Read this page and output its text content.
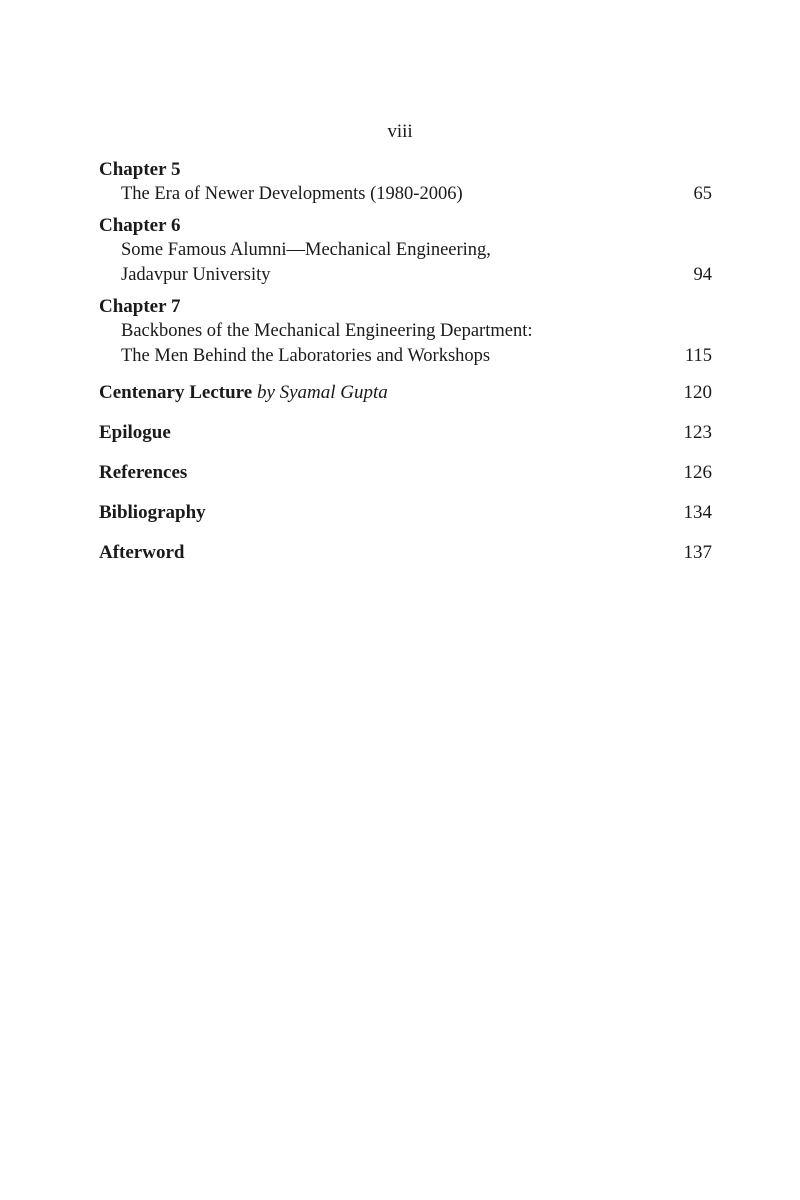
viii
Chapter 5
The Era of Newer Developments (1980-2006)	65
Chapter 6
Some Famous Alumni—Mechanical Engineering,
Jadavpur University	94
Chapter 7
Backbones of the Mechanical Engineering Department:
The Men Behind the Laboratories and Workshops	115
Centenary Lecture by Syamal Gupta	120
Epilogue	123
References	126
Bibliography	134
Afterword	137
